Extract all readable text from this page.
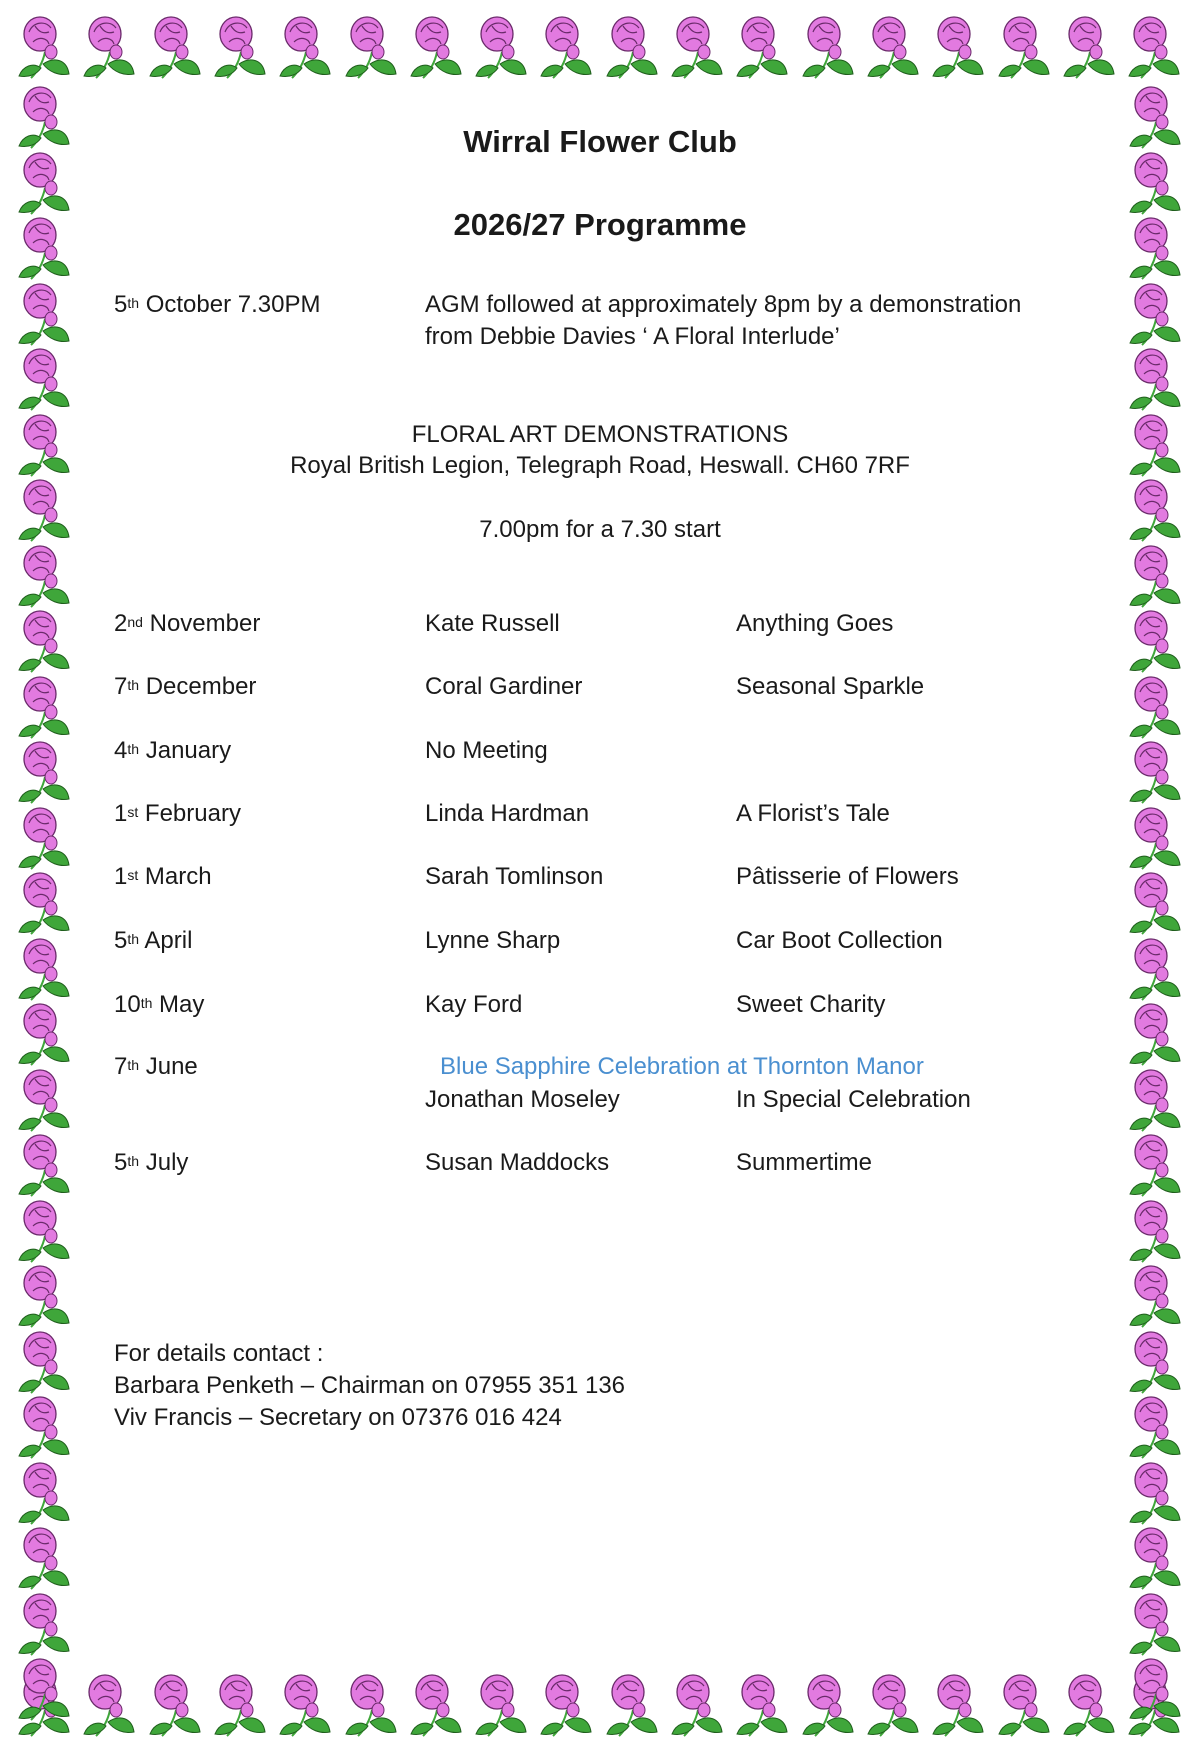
Wirral Flower Club
2026/27 Programme
5th October 7.30PM	AGM followed at approximately 8pm by a demonstration
from Debbie Davies ‘ A Floral Interlude’
FLORAL ART DEMONSTRATIONS
Royal British Legion, Telegraph Road, Heswall. CH60 7RF
7.00pm for a 7.30 start
2nd November	Kate Russell	Anything Goes
7th December	Coral Gardiner	Seasonal Sparkle
4th January	No Meeting
1st February	Linda Hardman	A Florist’s Tale
1st March	Sarah Tomlinson	Pâtisserie of Flowers
5th April	Lynne Sharp	Car Boot Collection
10th May	Kay Ford	Sweet Charity
7th June	Blue Sapphire Celebration at Thornton Manor
Jonathan Moseley	In Special Celebration
5th July	Susan Maddocks	Summertime
For details contact :
Barbara Penketh – Chairman on 07955 351 136
Viv Francis – Secretary on 07376 016 424
